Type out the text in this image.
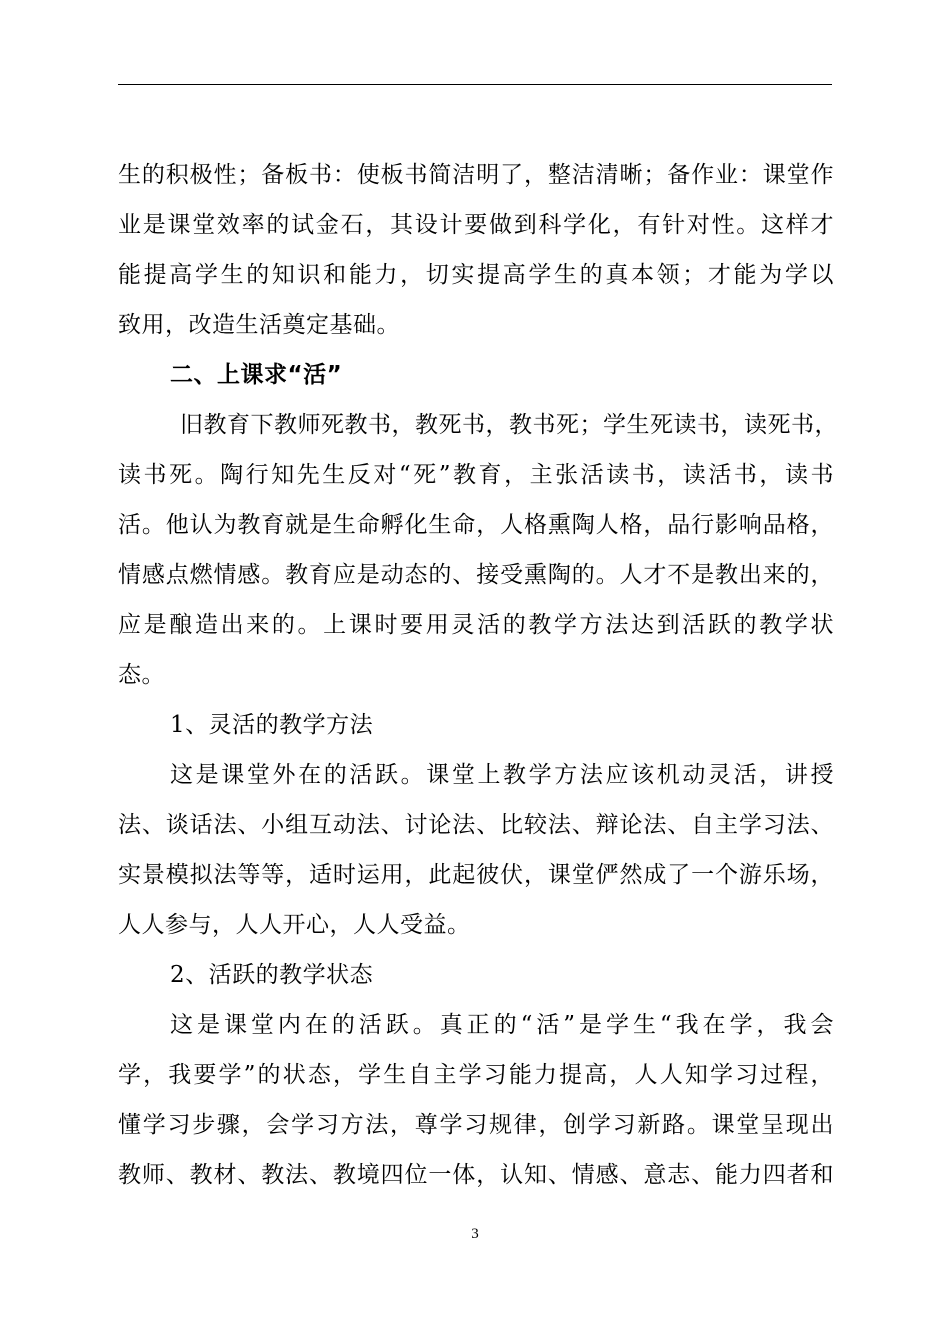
生的积极性；备板书：使板书简洁明了，整洁清晰；备作业：课堂作
业是课堂效率的试金石，其设计要做到科学化，有针对性。这样才
能提高学生的知识和能力，切实提高学生的真本领；才能为学以
致用，改造生活奠定基础。
二、上课求“活”
旧教育下教师死教书，教死书，教书死；学生死读书，读死书，
读书死。陶行知先生反对“死”教育，主张活读书，读活书，读书
活。他认为教育就是生命孵化生命，人格熏陶人格，品行影响品格，
情感点燃情感。教育应是动态的、接受熏陶的。人才不是教出来的，
应是酿造出来的。上课时要用灵活的教学方法达到活跃的教学状
态。
1、灵活的教学方法
这是课堂外在的活跃。课堂上教学方法应该机动灵活，讲授
法、谈话法、小组互动法、讨论法、比较法、辩论法、自主学习法、
实景模拟法等等，适时运用，此起彼伏，课堂俨然成了一个游乐场，
人人参与，人人开心，人人受益。
2、活跃的教学状态
这是课堂内在的活跃。真正的“活”是学生“我在学，我会
学，我要学”的状态，学生自主学习能力提高，人人知学习过程，
懂学习步骤，会学习方法，尊学习规律，创学习新路。课堂呈现出
教师、教材、教法、教境四位一体，认知、情感、意志、能力四者和
3
